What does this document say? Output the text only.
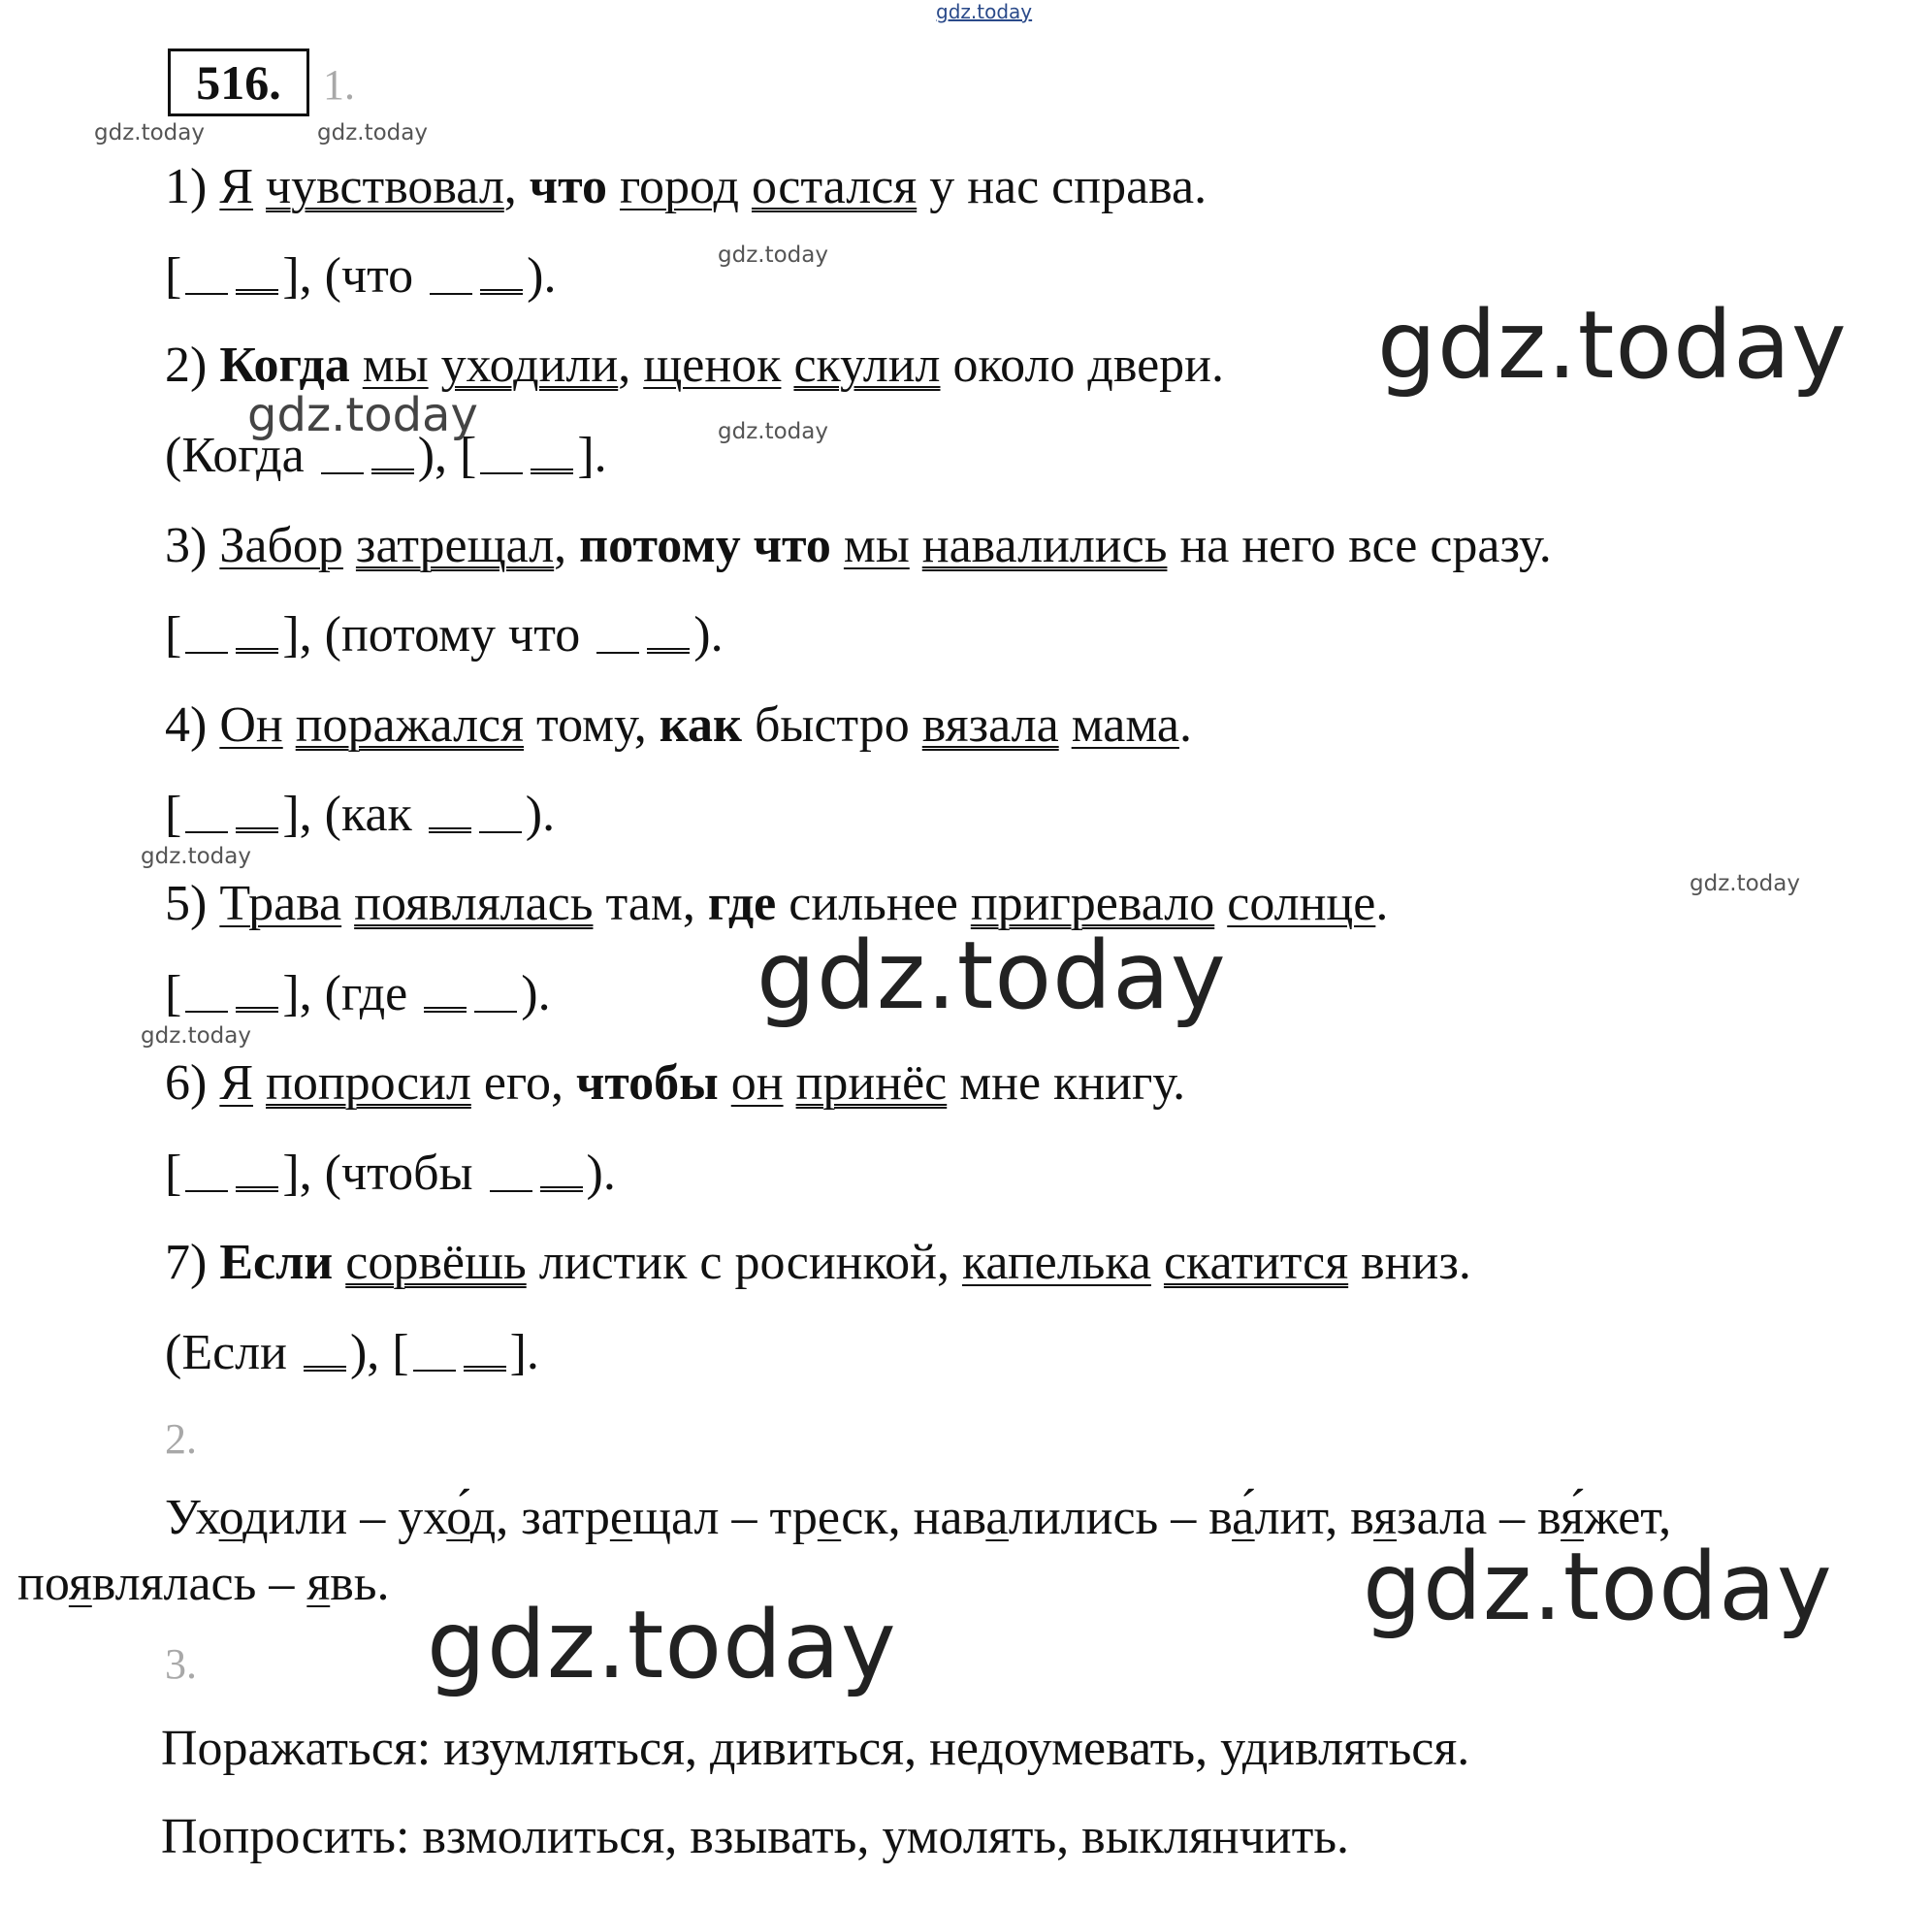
gdz.today
gdz.today	gdz.today
gdz.today
gdz.today
gdz.today
gdz.today
gdz.today
gdz.today
gdz.today
gdz.today
gdz.today
gdz.today
516. 1.
1) Я чувствовал, что город остался у нас справа.
[ ], (что ).
2) Когда мы уходили, щенок скулил около двери.
(Когда ), [ ].
3) Забор затрещал, потому что мы навалились на него все сразу.
[ ], (потому что ).
4) Он поражался тому, как быстро вязала мама.
[ ], (как ).
5) Трава появлялась там, где сильнее пригревало солнце.
[ ], (где ).
6) Я попросил его, чтобы он принёс мне книгу.
[ ], (чтобы ).
7) Если сорвёшь листик с росинкой, капелька скатится вниз.
(Если ), [ ].
2.
Уходили – ухо́д, затрещал – треск, навалились – ва́лит, вязала – вя́жет,
появлялась – явь.
3.
Поражаться: изумляться, дивиться, недоумевать, удивляться.
Попросить: взмолиться, взывать, умолять, выклянчить.
